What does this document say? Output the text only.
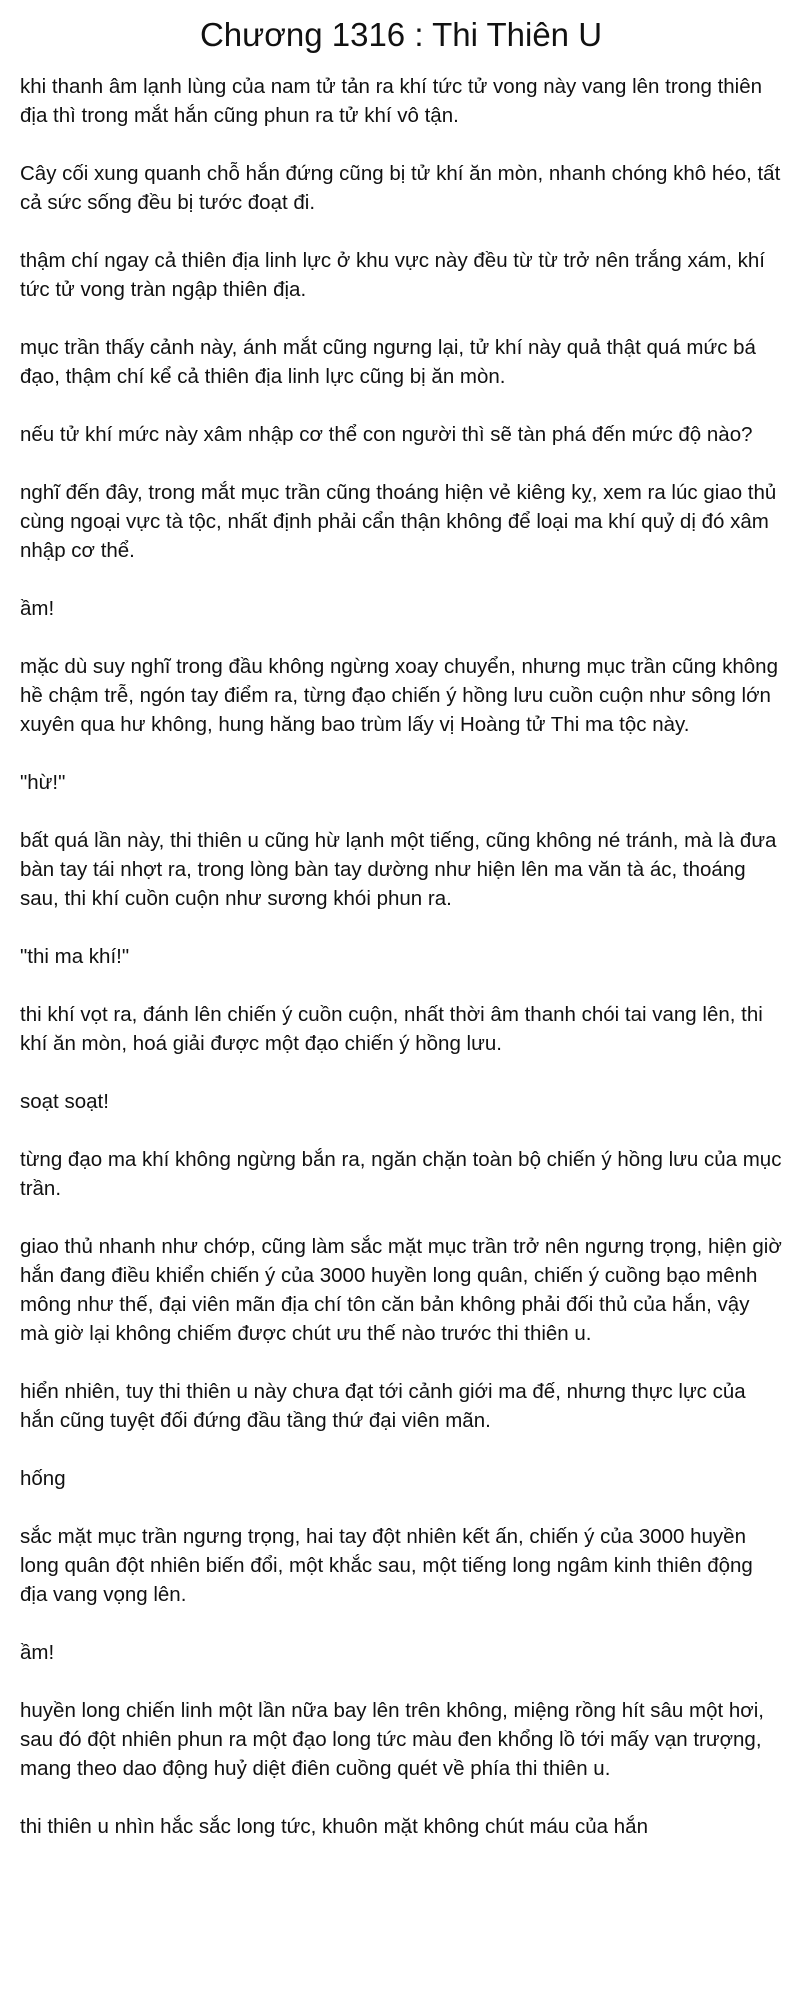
Chương 1316 : Thi Thiên U

khi thanh âm lạnh lùng của nam tử tản ra khí tức tử vong này vang lên trong thiên địa thì trong mắt hắn cũng phun ra tử khí vô tận.

Cây cối xung quanh chỗ hắn đứng cũng bị tử khí ăn mòn, nhanh chóng khô héo, tất cả sức sống đều bị tước đoạt đi.

thậm chí ngay cả thiên địa linh lực ở khu vực này đều từ từ trở nên trắng xám, khí tức tử vong tràn ngập thiên địa.

mục trần thấy cảnh này, ánh mắt cũng ngưng lại, tử khí này quả thật quá mức bá đạo, thậm chí kể cả thiên địa linh lực cũng bị ăn mòn.

nếu tử khí mức này xâm nhập cơ thể con người thì sẽ tàn phá đến mức độ nào?

nghĩ đến đây, trong mắt mục trần cũng thoáng hiện vẻ kiêng kỵ, xem ra lúc giao thủ cùng ngoại vực tà tộc, nhất định phải cẩn thận không để loại ma khí quỷ dị đó xâm nhập cơ thể.

ầm!

mặc dù suy nghĩ trong đầu không ngừng xoay chuyển, nhưng mục trần cũng không hề chậm trễ, ngón tay điểm ra, từng đạo chiến ý hồng lưu cuồn cuộn như sông lớn xuyên qua hư không, hung hăng bao trùm lấy vị Hoàng tử Thi ma tộc này.

"hừ!"

bất quá lần này, thi thiên u cũng hừ lạnh một tiếng, cũng không né tránh, mà là đưa bàn tay tái nhợt ra, trong lòng bàn tay dường như hiện lên ma văn tà ác, thoáng sau, thi khí cuồn cuộn như sương khói phun ra.

"thi ma khí!"

thi khí vọt ra, đánh lên chiến ý cuồn cuộn, nhất thời âm thanh chói tai vang lên, thi khí ăn mòn, hoá giải được một đạo chiến ý hồng lưu.

soạt soạt!

từng đạo ma khí không ngừng bắn ra, ngăn chặn toàn bộ chiến ý hồng lưu của mục trần.

giao thủ nhanh như chớp, cũng làm sắc mặt mục trần trở nên ngưng trọng, hiện giờ hắn đang điều khiển chiến ý của 3000 huyền long quân, chiến ý cuồng bạo mênh mông như thế, đại viên mãn địa chí tôn căn bản không phải đối thủ của hắn, vậy mà giờ lại không chiếm được chút ưu thế nào trước thi thiên u.

hiển nhiên, tuy thi thiên u này chưa đạt tới cảnh giới ma đế, nhưng thực lực của hắn cũng tuyệt đối đứng đầu tầng thứ đại viên mãn.

hống

sắc mặt mục trần ngưng trọng, hai tay đột nhiên kết ấn, chiến ý của 3000 huyền long quân đột nhiên biến đổi, một khắc sau, một tiếng long ngâm kinh thiên động địa vang vọng lên.

ầm!

huyền long chiến linh một lần nữa bay lên trên không, miệng rồng hít sâu một hơi, sau đó đột nhiên phun ra một đạo long tức màu đen khổng lồ tới mấy vạn trượng, mang theo dao động huỷ diệt điên cuồng quét về phía thi thiên u.

thi thiên u nhìn hắc sắc long tức, khuôn mặt không chút máu của hắn
